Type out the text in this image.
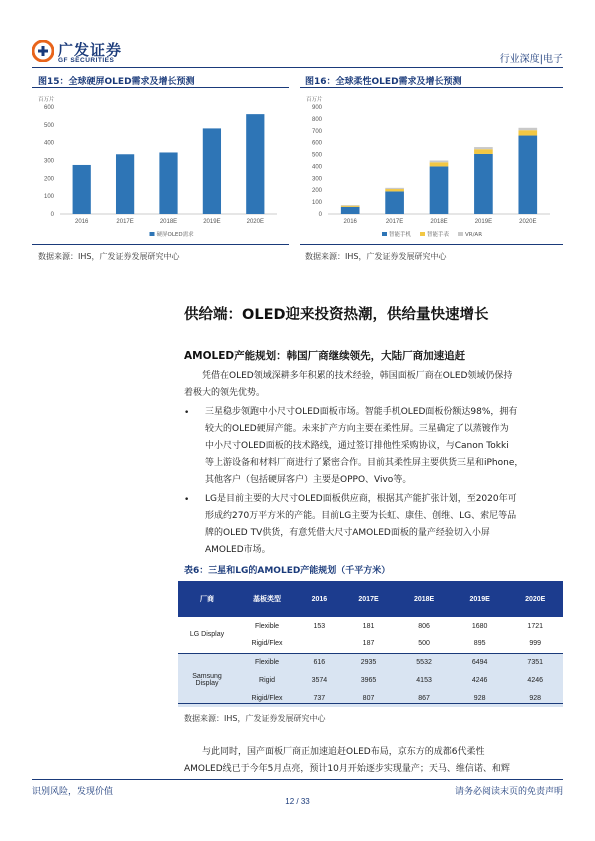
广发证券
GF SECURITIES	行业深度|电子
图15：全球硬屏OLED需求及增长预测
百万片
0
100
200
300
400
500
600
2016	2017E	2018E	2019E	2020E
硬屏OLED需求
数据来源：IHS，广发证券发展研究中心
图16：全球柔性OLED需求及增长预测
百万片
0
100
200
300
400
500
600
700
800
900
2016	2017E	2018E	2019E	2020E
智能手机	智能手表	VR/AR
数据来源：IHS，广发证券发展研究中心
供给端：OLED迎来投资热潮，供给量快速增长
AMOLED产能规划：韩国厂商继续领先，大陆厂商加速追赶
凭借在OLED领域深耕多年积累的技术经验，韩国面板厂商在OLED领域仍保持
着极大的领先优势。
• 三星稳步领跑中小尺寸OLED面板市场。智能手机OLED面板份额达98%，拥有
较大的OLED硬屏产能。未来扩产方向主要在柔性屏。三星确定了以蒸镀作为
中小尺寸OLED面板的技术路线，通过签订排他性采购协议，与Canon Tokki
等上游设备和材料厂商进行了紧密合作。目前其柔性屏主要供货三星和iPhone，
其他客户（包括硬屏客户）主要是OPPO、Vivo等。
• LG是目前主要的大尺寸OLED面板供应商，根据其产能扩张计划，至2020年可
形成约270万平方米的产能。目前LG主要为长虹、康佳、创维、LG、索尼等品
牌的OLED TV供货，有意凭借大尺寸AMOLED面板的量产经验切入小屏
AMOLED市场。
表6：三星和LG的AMOLED产能规划（千平方米）
厂商	基板类型	2016	2017E	2018E	2019E	2020E
LG Display	Flexible	153	181	806	1680	1721
	Rigid/Flex		187	500	895	999
Samsung Display	Flexible	616	2935	5532	6494	7351
	Rigid	3574	3965	4153	4246	4246
	Rigid/Flex	737	807	867	928	928
数据来源：IHS，广发证券发展研究中心
与此同时，国产面板厂商正加速追赶OLED布局，京东方的成都6代柔性
AMOLED线已于今年5月点亮，预计10月开始逐步实现量产；天马、维信诺、和辉
识别风险，发现价值	请务必阅读末页的免责声明
12 / 33
